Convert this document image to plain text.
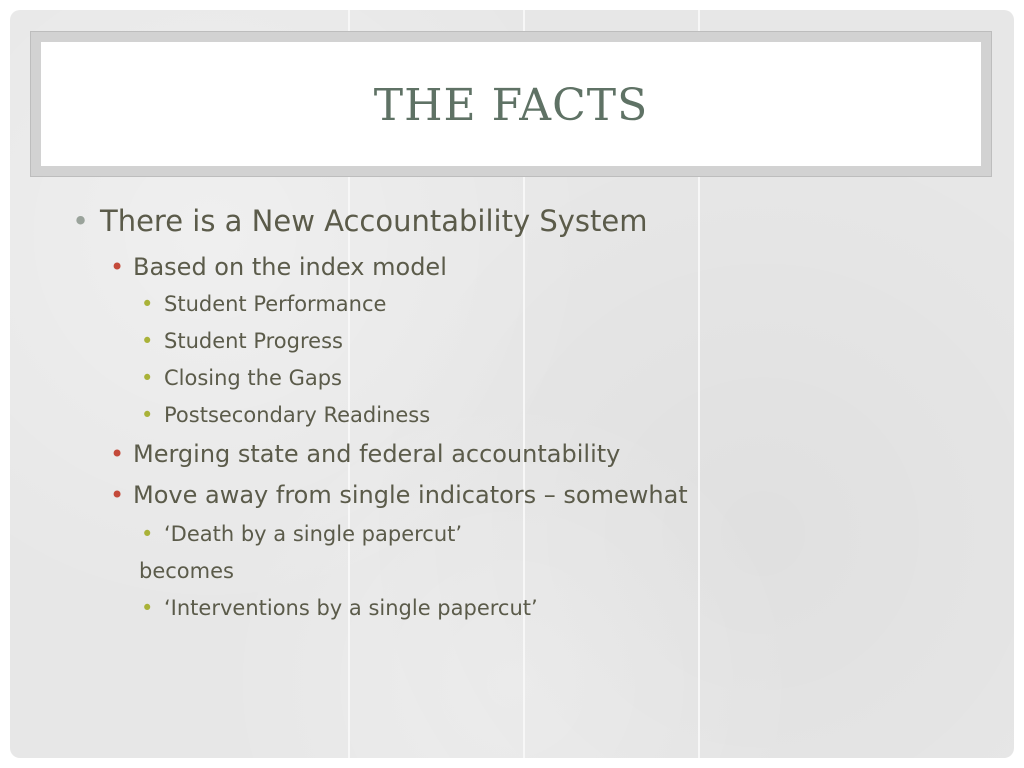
THE FACTS
• There is a New Accountability System
• Based on the index model
• Student Performance
• Student Progress
• Closing the Gaps
• Postsecondary Readiness
• Merging state and federal accountability
• Move away from single indicators – somewhat
• ‘Death by a single papercut’
becomes
• ‘Interventions by a single papercut’
